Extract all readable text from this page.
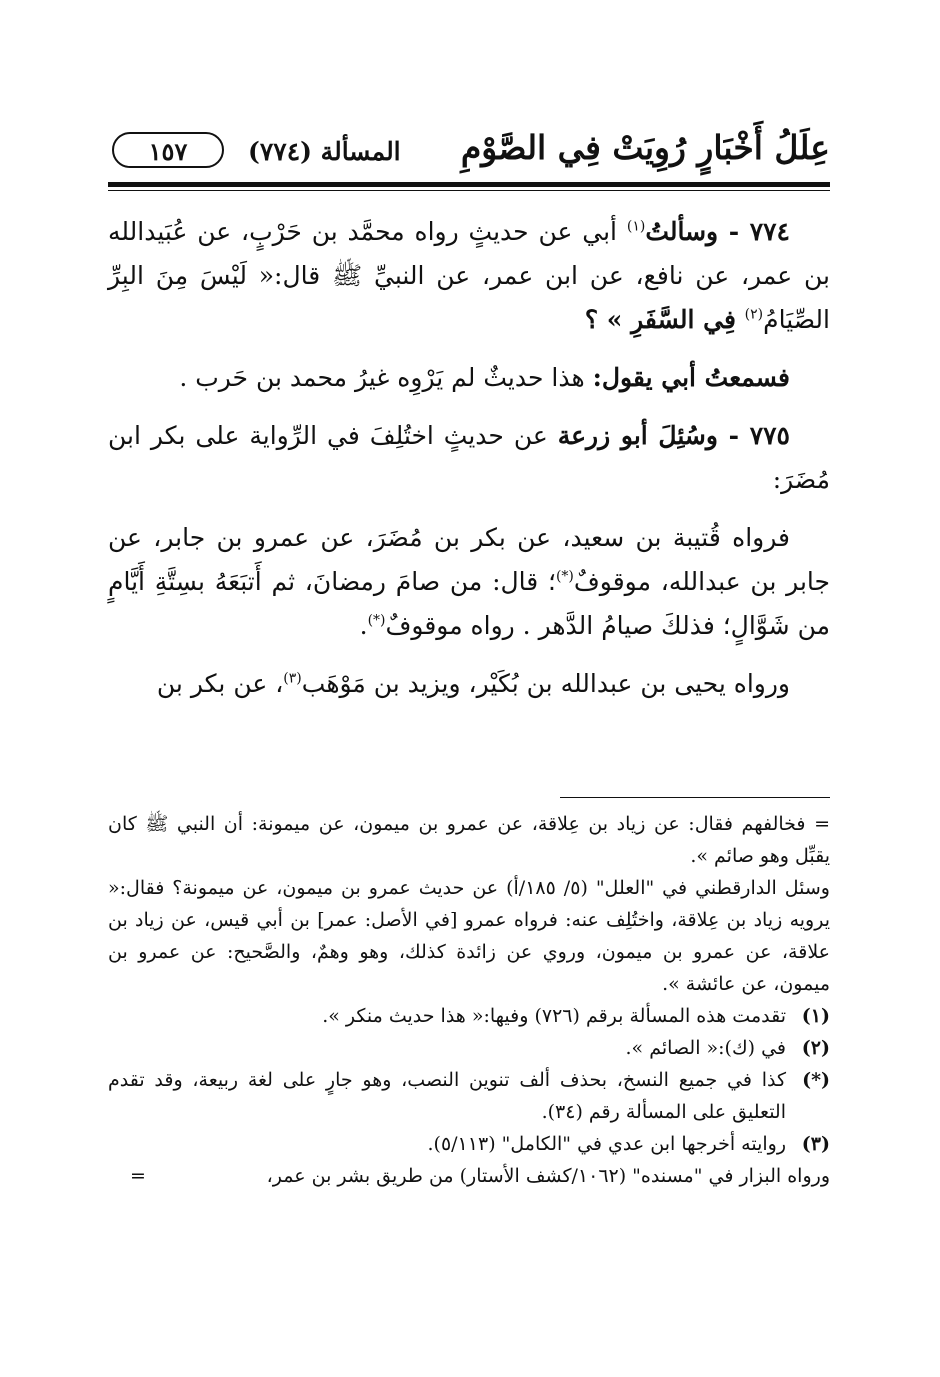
عِلَلُ أَخْبَارٍ رُوِيَتْ فِي الصَّوْمِ
المسألة (٧٧٤)
١٥٧

٧٧٤ - وسألتُ$^{(١)}$ أبي عن حديثٍ رواه محمَّد بن حَرْبٍ، عن عُبَيدالله بن عمر، عن نافع، عن ابن عمر، عن النبيِّ ﷺ قال:« لَيْسَ مِنَ البِرِّ الصِّيَامُ$^{(٢)}$ فِي السَّفَرِ » ؟

فسمعتُ أبي يقول: هذا حديثٌ لم يَرْوِه غيرُ محمد بن حَرب .

٧٧٥ - وسُئِلَ أبو زرعة عن حديثٍ اختُلِفَ في الرِّواية على بكر ابن مُضَرَ:

فرواه قُتيبة بن سعيد، عن بكر بن مُضَرَ، عن عمرو بن جابر، عن جابر بن عبدالله، موقوفٌ(*)؛ قال: من صامَ رمضانَ، ثم أَتبَعَهُ بسِتَّةِ أَيَّامٍ من شَوَّالٍ؛ فذلكَ صيامُ الدَّهر . رواه موقوفٌ(*).

ورواه يحيى بن عبدالله بن بُكَيْر، ويزيد بن مَوْهَب$^{(٣)}$، عن بكر بن

= فخالفهم فقال: عن زياد بن عِلاقة، عن عمرو بن ميمون، عن ميمونة: أن النبي ﷺ كان يقبِّل وهو صائم ».

وسئل الدارقطني في "العلل" (٥/ ١٨٥/أ) عن حديث عمرو بن ميمون، عن ميمونة؟ فقال:« يرويه زياد بن عِلاقة، واختُلِف عنه: فرواه عمرو [في الأصل: عمر] بن أبي قيس، عن زياد بن علاقة، عن عمرو بن ميمون، وروي عن زائدة كذلك، وهو وهمٌ، والصَّحيح: عن عمرو بن ميمون، عن عائشة ».

(١)
تقدمت هذه المسألة برقم (٧٢٦) وفيها:« هذا حديث منكر ».

(٢)
في (ك):« الصائم ».

(*)
كذا في جميع النسخ، بحذف ألف تنوين النصب، وهو جارٍ على لغة ربيعة، وقد تقدم التعليق على المسألة رقم (٣٤).

(٣)
روايته أخرجها ابن عدي في "الكامل" (٥/١١٣).

ورواه البزار في "مسنده" (١٠٦٢/كشف الأستار) من طريق بشر بن عمر،
=
